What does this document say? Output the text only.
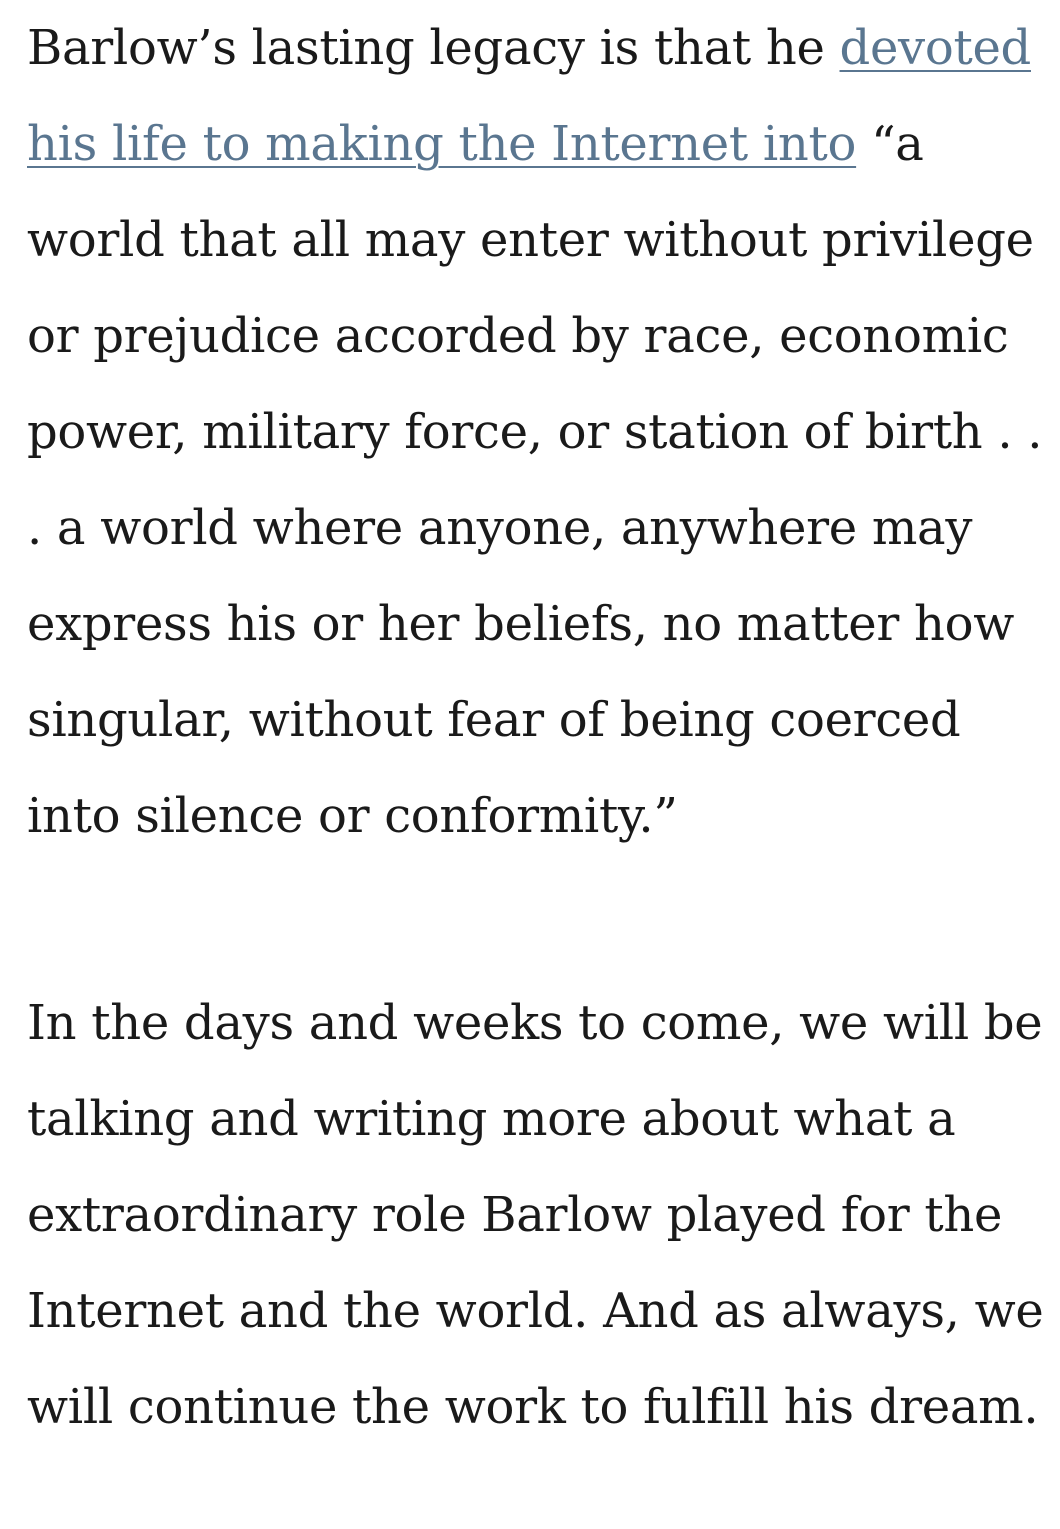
Barlow’s lasting legacy is that he devoted his life to making the Internet into “a world that all may enter without privilege or prejudice accorded by race, economic power, military force, or station of birth . . . a world where anyone, anywhere may express his or her beliefs, no matter how singular, without fear of being coerced into silence or conformity.”

In the days and weeks to come, we will be talking and writing more about what a extraordinary role Barlow played for the Internet and the world. And as always, we will continue the work to fulfill his dream.
